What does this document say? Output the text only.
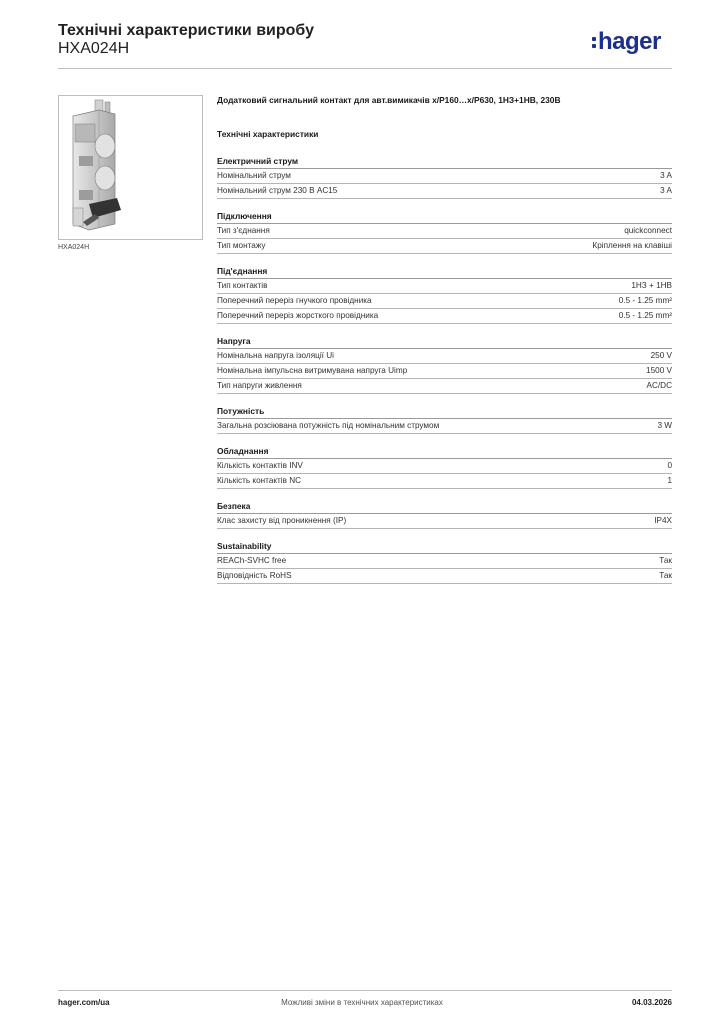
Технічні характеристики виробу
HXA024H	hager
HXA024H
Додатковий сигнальний контакт для авт.вимикачів x/P160…x/P630, 1НЗ+1НВ, 230В
Технічні характеристики
Електричний струм
Номінальний струм	3 A
Номінальний струм 230 В AC15	3 A
Підключення
Тип з'єднання	quickconnect
Тип монтажу	Кріплення на клавіші
Під'єднання
Тип контактів	1НЗ + 1НВ
Поперечний переріз гнучкого провідника	0.5 - 1.25 mm²
Поперечний переріз жорсткого провідника	0.5 - 1.25 mm²
Напруга
Номінальна напруга ізоляції Ui	250 V
Номінальна імпульсна витримувана напруга Uimp	1500 V
Тип напруги живлення	AC/DC
Потужність
Загальна розсіювана потужність під номінальним струмом	3 W
Обладнання
Кількість контактів INV	0
Кількість контактів NC	1
Безпека
Клас захисту від проникнення (IP)	IP4X
Sustainability
REACh-SVHC free	Так
Відповідність RoHS	Так
hager.com/ua	Можливі зміни в технічних характеристиках	04.03.2026
